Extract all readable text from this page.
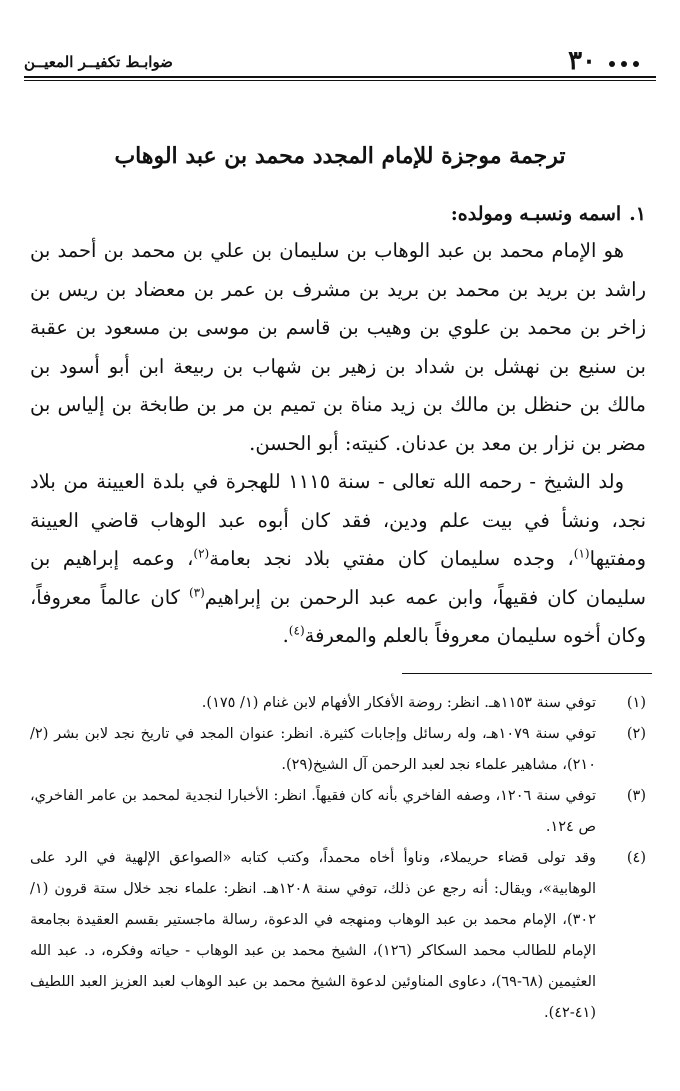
٣٠
ضوابـط تكفيــر المعيــن
ترجمة موجزة للإمام المجدد محمد بن عبد الوهاب
١.اسمه ونسبـه ومولده:

هو الإمام محمد بن عبد الوهاب بن سليمان بن علي بن محمد بن أحمد بن راشد بن بريد بن محمد بن بريد بن مشرف بن عمر بن معضاد بن ريس بن زاخر بن محمد بن علوي بن وهيب بن قاسم بن موسى بن مسعود بن عقبة بن سنيع بن نهشل بن شداد بن زهير بن شهاب بن ربيعة ابن أبو أسود بن مالك بن حنظل بن مالك بن زيد مناة بن تميم بن مر بن طابخة بن إلياس بن مضر بن نزار بن معد بن عدنان. كنيته: أبو الحسن.

ولد الشيخ - رحمه الله تعالى - سنة ١١١٥ للهجرة في بلدة العيينة من بلاد نجد، ونشأ في بيت علم ودين، فقد كان أبوه عبد الوهاب قاضي العيينة ومفتيها$^{(١)}$، وجده سليمان كان مفتي بلاد نجد بعامة$^{(٢)}$، وعمه إبراهيم بن سليمان كان فقيهاً، وابن عمه عبد الرحمن بن إبراهيم$^{(٣)}$ كان عالماً معروفاً، وكان أخوه سليمان معروفاً بالعلم والمعرفة$^{(٤)}$.

(١)
توفي سنة ١١٥٣هـ. انظر: روضة الأفكار الأفهام لابن غنام (١/ ١٧٥).

(٢)
توفي سنة ١٠٧٩هـ، وله رسائل وإجابات كثيرة. انظر: عنوان المجد في تاريخ نجد لابن بشر (٢/ ٢١٠)، مشاهير علماء نجد لعبد الرحمن آل الشيخ(٢٩).

(٣)
توفي سنة ١٢٠٦، وصفه الفاخري بأنه كان فقيهاً. انظر: الأخبارا لنجدية لمحمد بن عامر الفاخري، ص ١٢٤.

(٤)
وقد تولى قضاء حريملاء، وناوأ أخاه محمداً، وكتب كتابه «الصواعق الإلهية في الرد على الوهابية»، ويقال: أنه رجع عن ذلك، توفي سنة ١٢٠٨هـ. انظر: علماء نجد خلال ستة قرون (١/ ٣٠٢)، الإمام محمد بن عبد الوهاب ومنهجه في الدعوة، رسالة ماجستير بقسم العقيدة بجامعة الإمام للطالب محمد السكاكر (١٢٦)، الشيخ محمد بن عبد الوهاب - حياته وفكره، د. عبد الله العثيمين (٦٨-٦٩)، دعاوى المناوئين لدعوة الشيخ محمد بن عبد الوهاب لعبد العزيز العبد اللطيف (٤١-٤٢).
